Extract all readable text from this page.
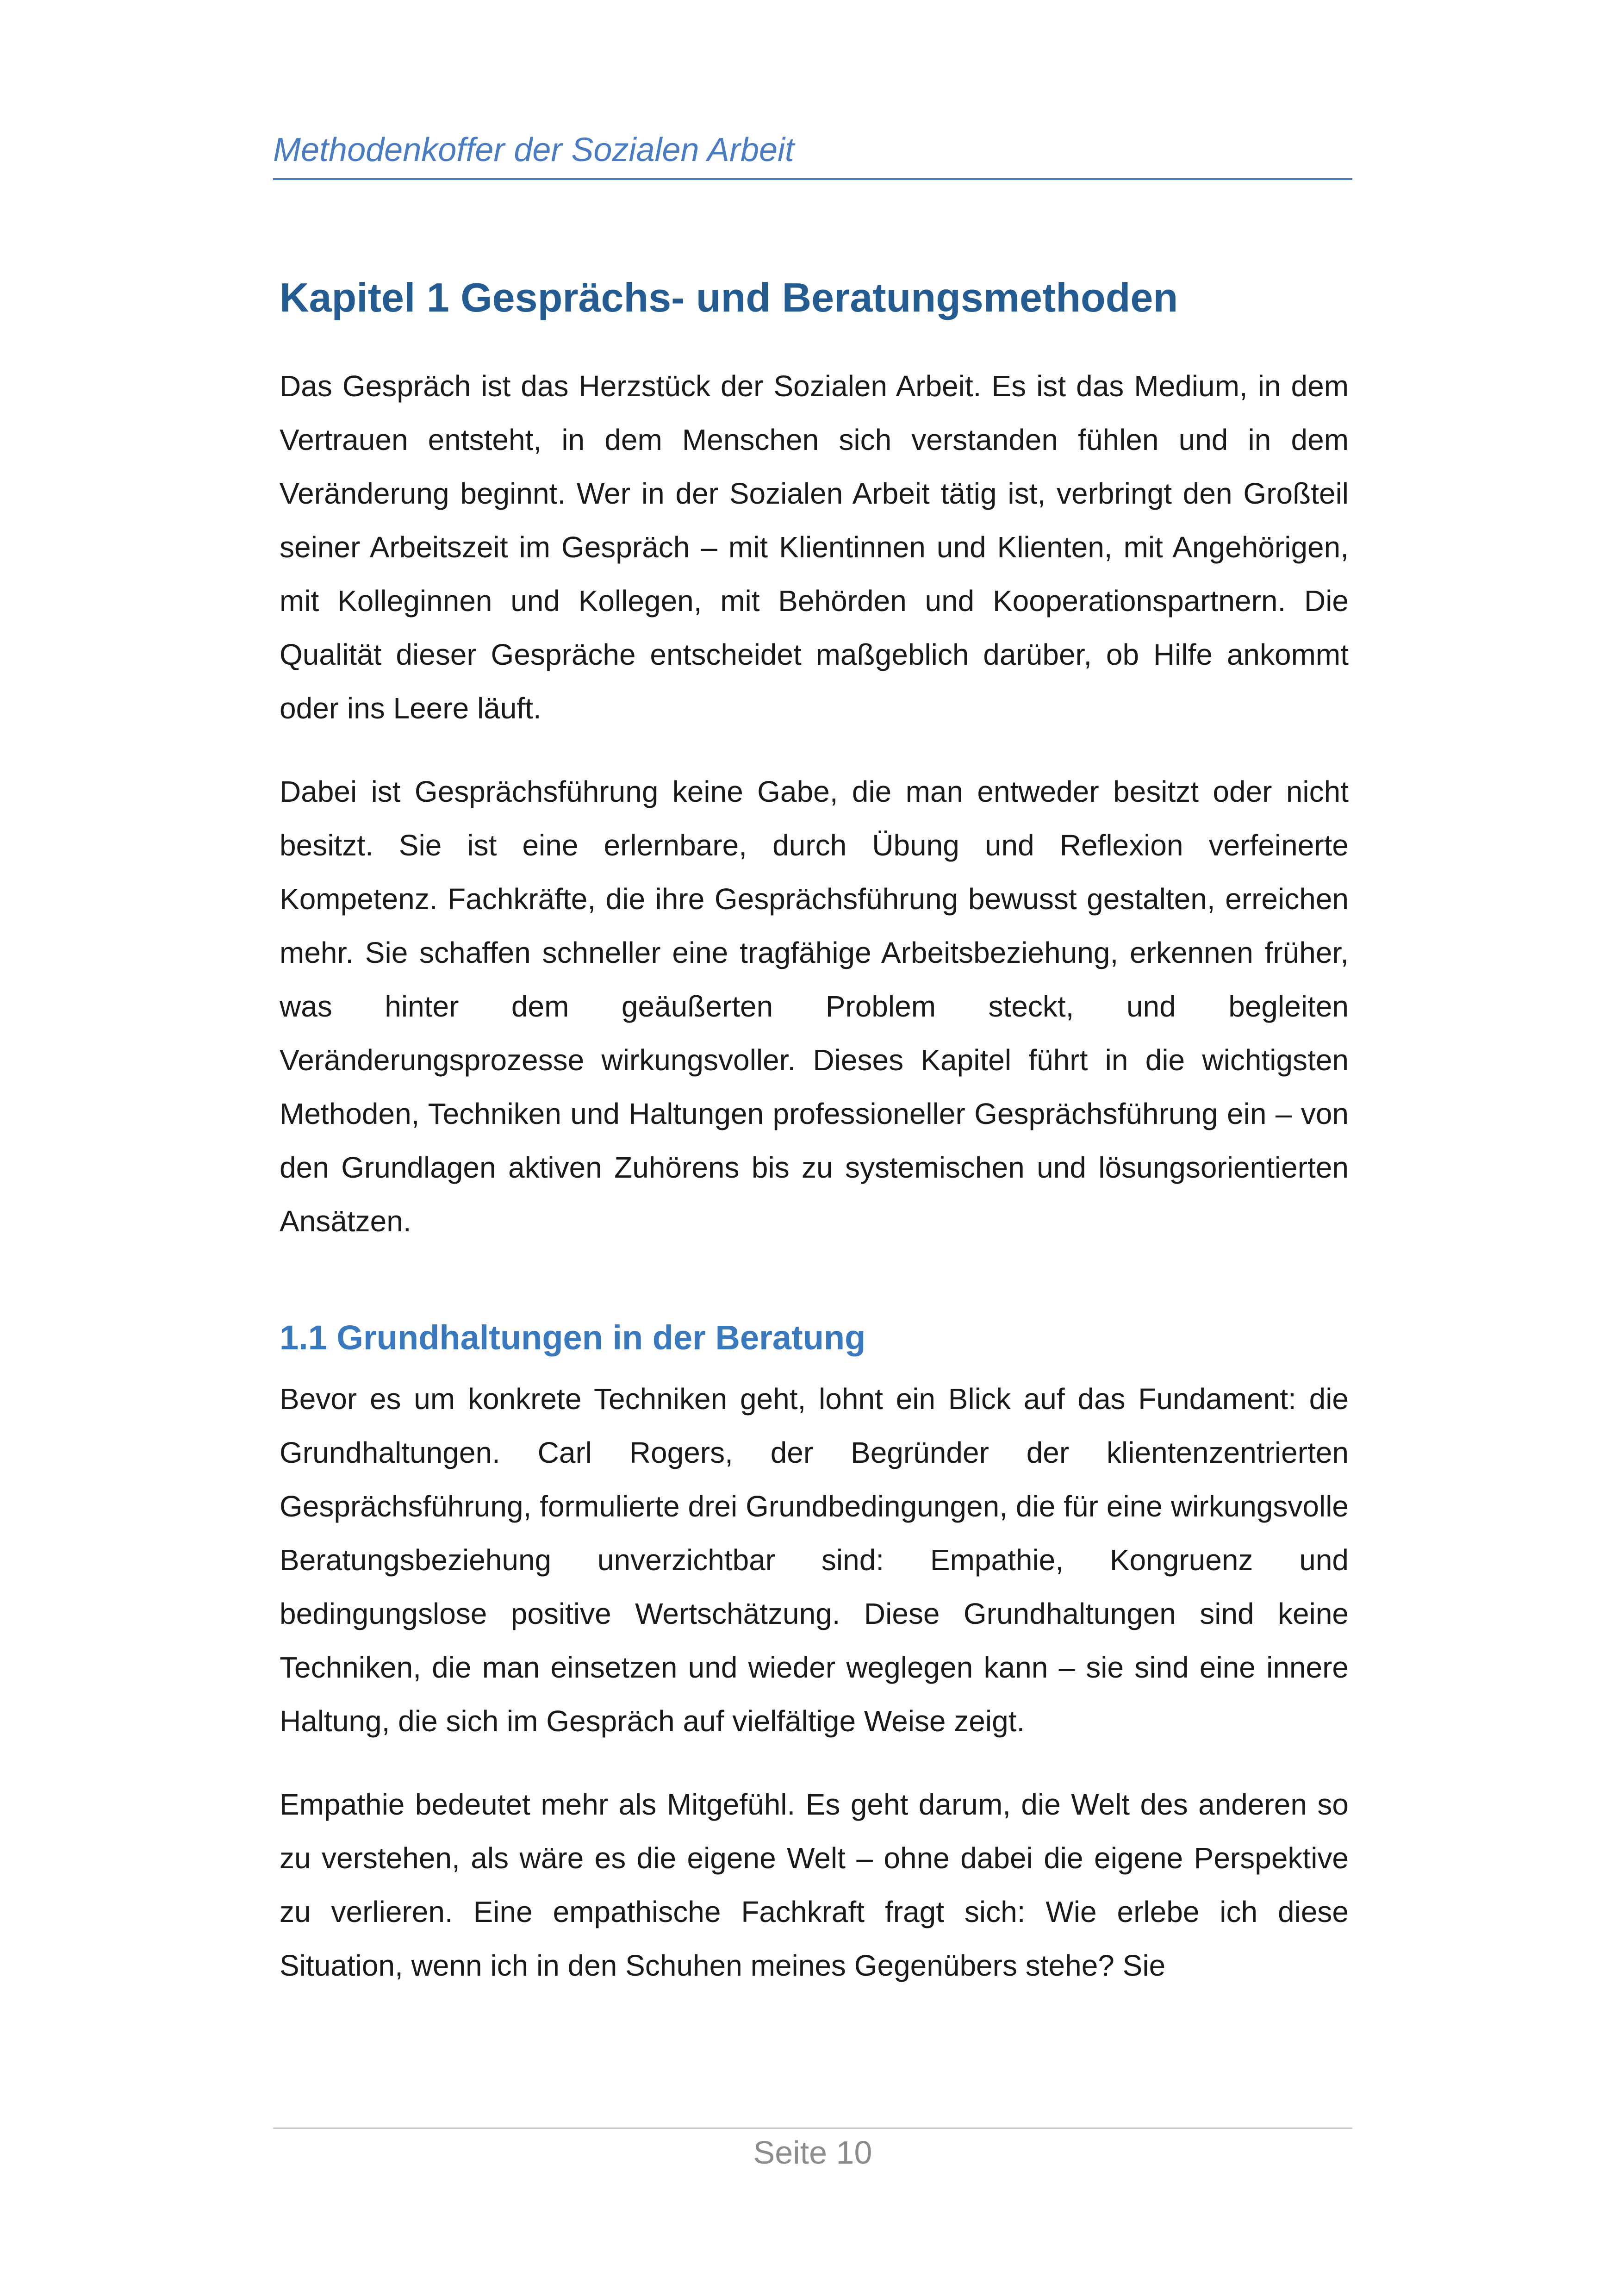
Methodenkoffer der Sozialen Arbeit
Kapitel 1 Gesprächs- und Beratungsmethoden

Das Gespräch ist das Herzstück der Sozialen Arbeit. Es ist das Medium, in dem Vertrauen entsteht, in dem Menschen sich verstanden fühlen und in dem Veränderung beginnt. Wer in der Sozialen Arbeit tätig ist, verbringt den Großteil seiner Arbeitszeit im Gespräch – mit Klientinnen und Klienten, mit Angehörigen, mit Kolleginnen und Kollegen, mit Behörden und Kooperationspartnern. Die Qualität dieser Gespräche entscheidet maßgeblich darüber, ob Hilfe ankommt oder ins Leere läuft.

Dabei ist Gesprächsführung keine Gabe, die man entweder besitzt oder nicht besitzt. Sie ist eine erlernbare, durch Übung und Reflexion verfeinerte Kompetenz. Fachkräfte, die ihre Gesprächsführung bewusst gestalten, erreichen mehr. Sie schaffen schneller eine tragfähige Arbeitsbeziehung, erkennen früher, was hinter dem geäußerten Problem steckt, und begleiten Veränderungsprozesse wirkungsvoller. Dieses Kapitel führt in die wichtigsten Methoden, Techniken und Haltungen professioneller Gesprächsführung ein – von den Grundlagen aktiven Zuhörens bis zu systemischen und lösungsorientierten Ansätzen.

1.1 Grundhaltungen in der Beratung

Bevor es um konkrete Techniken geht, lohnt ein Blick auf das Fundament: die Grundhaltungen. Carl Rogers, der Begründer der klientenzentrierten Gesprächsführung, formulierte drei Grundbedingungen, die für eine wirkungsvolle Beratungsbeziehung unverzichtbar sind: Empathie, Kongruenz und bedingungslose positive Wertschätzung. Diese Grundhaltungen sind keine Techniken, die man einsetzen und wieder weglegen kann – sie sind eine innere Haltung, die sich im Gespräch auf vielfältige Weise zeigt.

Empathie bedeutet mehr als Mitgefühl. Es geht darum, die Welt des anderen so zu verstehen, als wäre es die eigene Welt – ohne dabei die eigene Perspektive zu verlieren. Eine empathische Fachkraft fragt sich: Wie erlebe ich diese Situation, wenn ich in den Schuhen meines Gegenübers stehe? Sie

Seite 10
